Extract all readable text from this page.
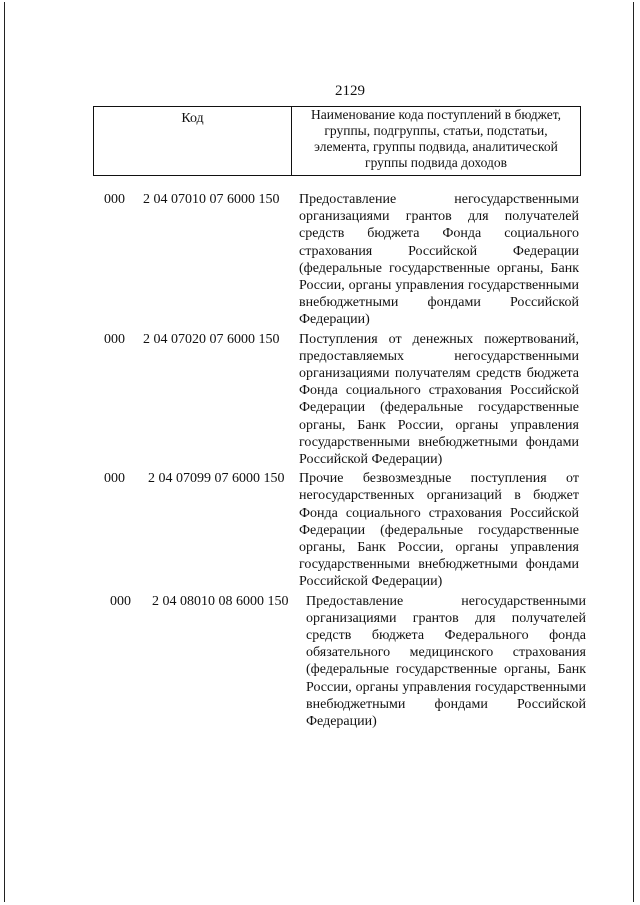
2129
Код	Наименование кода поступлений в бюджет, группы, подгруппы, статьи, подстатьи, элемента, группы подвида, аналитической группы подвида доходов
000 2 04 07010 07 6000 150 Предоставление негосударственными организациями грантов для получателей средств бюджета Фонда социального страхования Российской Федерации (федеральные государственные органы, Банк России, органы управления государственными внебюджетными фондами Российской Федерации)
000 2 04 07020 07 6000 150 Поступления от денежных пожертвований, предоставляемых негосударственными организациями получателям средств бюджета Фонда социального страхования Российской Федерации (федеральные государственные органы, Банк России, органы управления государственными внебюджетными фондами Российской Федерации)
000 2 04 07099 07 6000 150 Прочие безвозмездные поступления от негосударственных организаций в бюджет Фонда социального страхования Российской Федерации (федеральные государственные органы, Банк России, органы управления государственными внебюджетными фондами Российской Федерации)
000 2 04 08010 08 6000 150 Предоставление негосударственными организациями грантов для получателей средств бюджета Федерального фонда обязательного медицинского страхования (федеральные государственные органы, Банк России, органы управления государственными внебюджетными фондами Российской Федерации)
